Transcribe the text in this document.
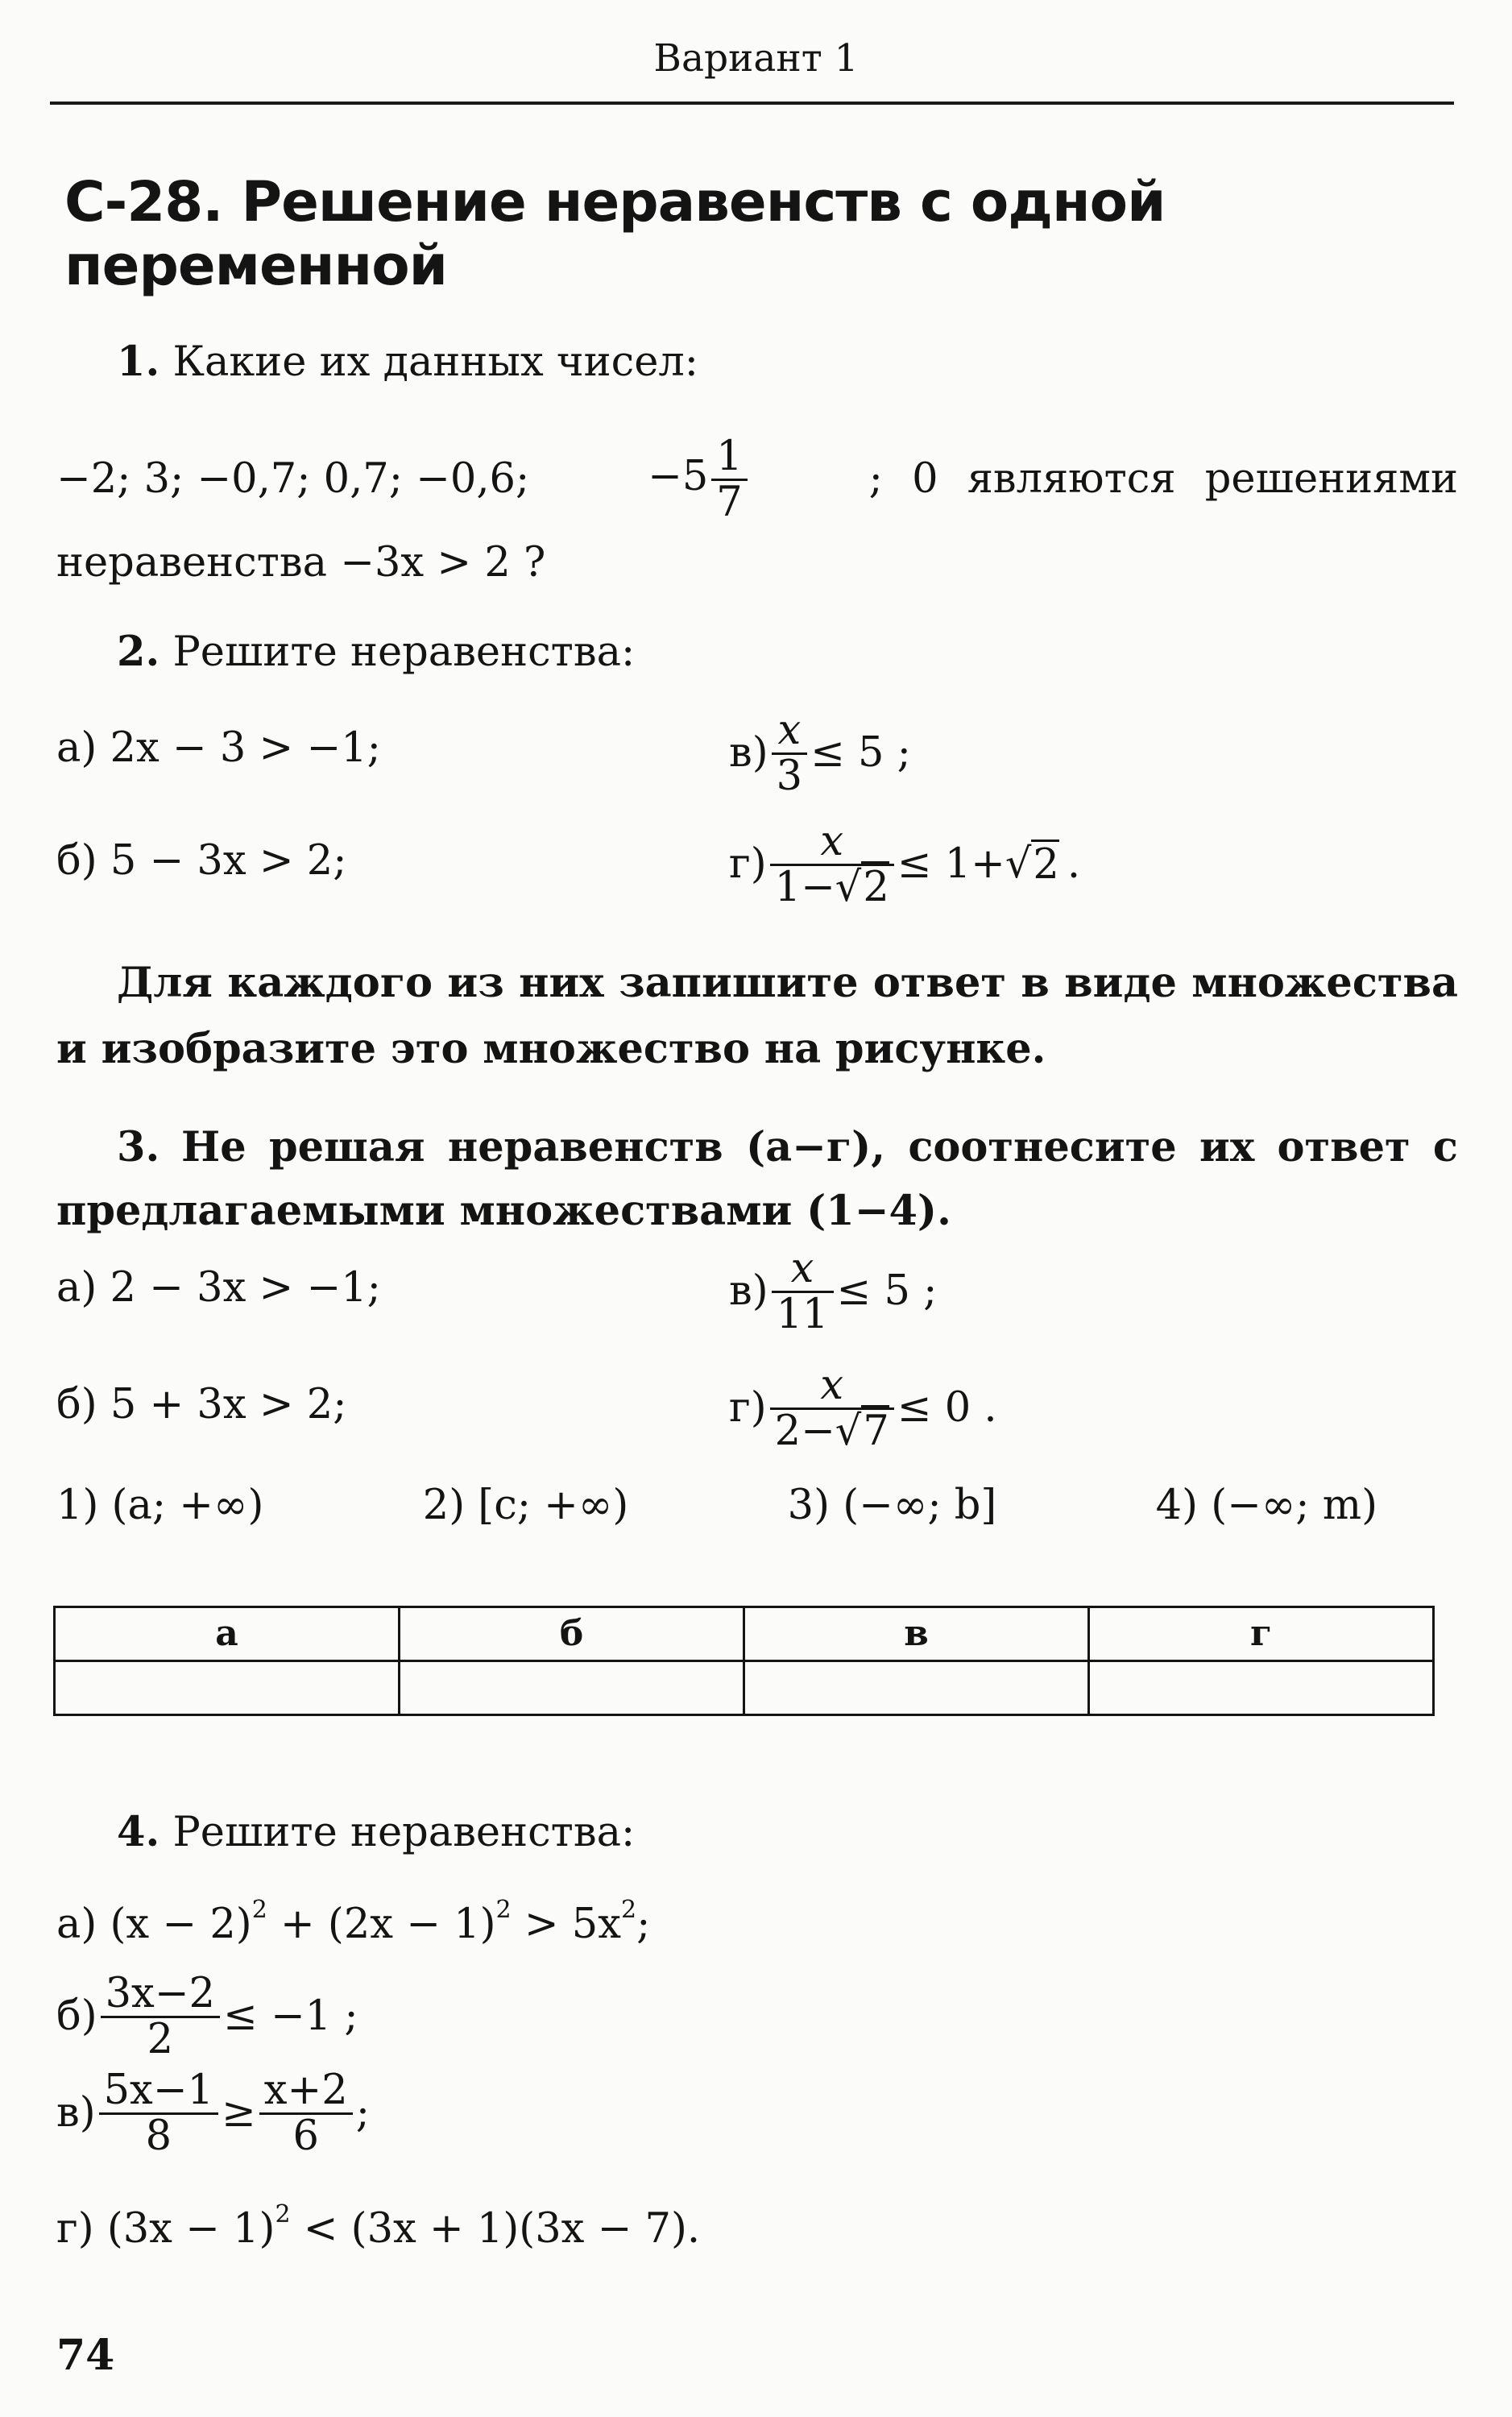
Вариант 1
С-28. Решение неравенств с одной переменной
1. Какие их данных чисел:
−2; 3; −0,7; 0,7; −0,6;	$-5 \frac{1}{7}$	; 0 являются решениями
неравенства −3x > 2 ?
2. Решите неравенства:
а) 2x − 3 > −1;	$в) \frac{x}{3} \le 5$ ;
б) 5 − 3x > 2;	$г) \frac{x}{1-√2} \le 1+√$ 2 .
Для каждого из них запишите ответ в виде множества и изобразите это множество на рисунке.
3. Не решая неравенств (а−г), соотнесите их ответ с предлагаемыми множествами (1−4).
а) 2 − 3x > −1;	$в) \frac{x}{11} \le 5$ ;
б) 5 + 3x > 2;	$г) \frac{x}{2-√7} \le 0$ .
1) (a; +∞)	2) [c; +∞)	3) (−∞; b]	4) (−∞; m)
а	б	в	г

4. Решите неравенства:
а) $(x - 2)^2 + (2x - 1)^2 > 5x^2$;
$б) \frac{3x-2}{2} \le -1$ ;
$в) \frac{5x-1}{8} \ge \frac{x+2}{6}$ ;
г) $(3x - 1)^2 < (3x + 1)(3x - 7)$.
74
